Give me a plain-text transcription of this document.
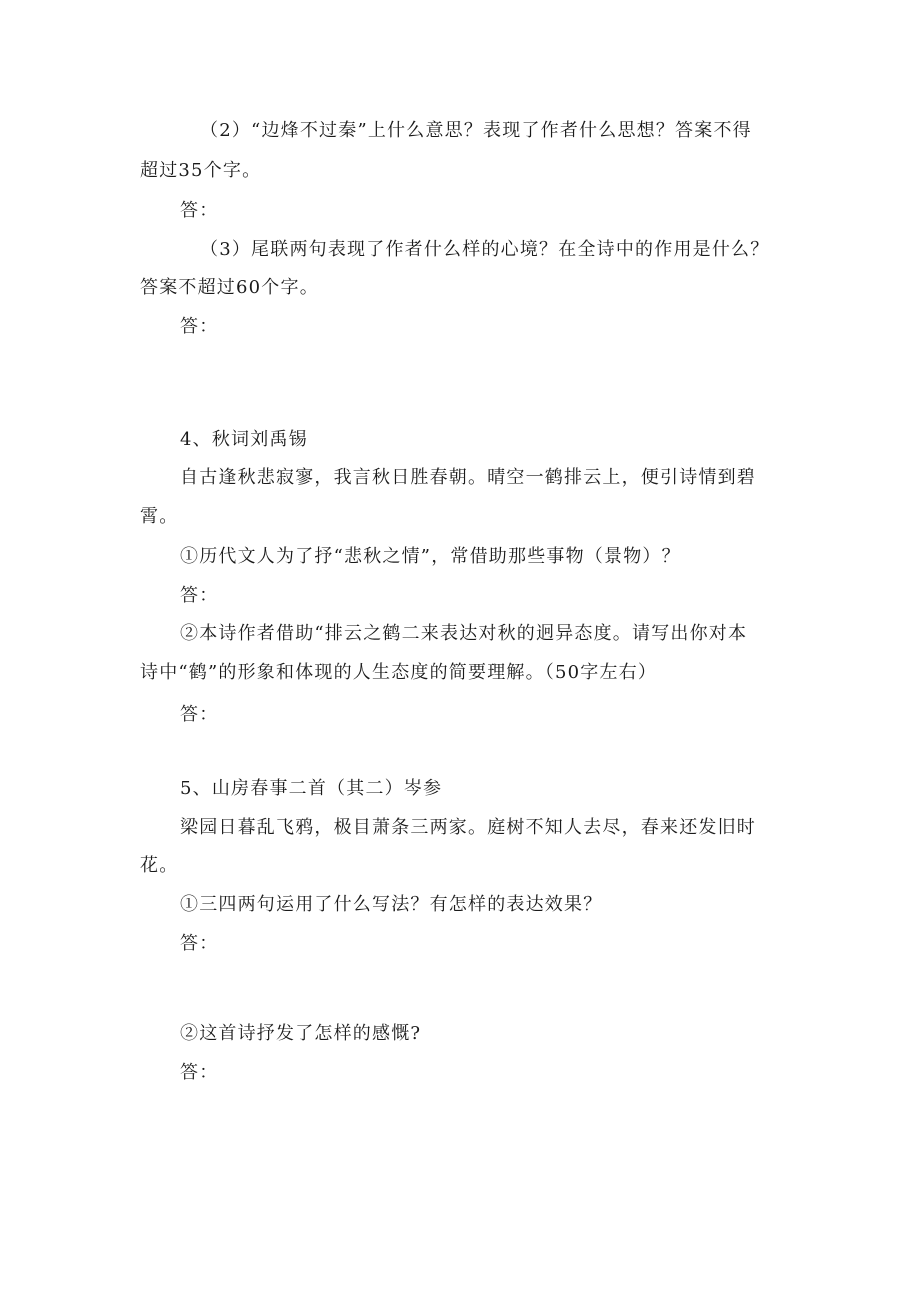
（2）“边烽不过秦”上什么意思？表现了作者什么思想？答案不得
超过35个字。
答：
（3）尾联两句表现了作者什么样的心境？在全诗中的作用是什么？
答案不超过60个字。
答：
4、秋词刘禹锡
自古逢秋悲寂寥，我言秋日胜春朝。晴空一鹤排云上，便引诗情到碧
霄。
①历代文人为了抒“悲秋之情”，常借助那些事物（景物）？
答：
②本诗作者借助“排云之鹤二来表达对秋的迥异态度。请写出你对本
诗中“鹤”的形象和体现的人生态度的简要理解。（50字左右）
答：
5、山房春事二首（其二）岑参
梁园日暮乱飞鸦，极目萧条三两家。庭树不知人去尽，春来还发旧时
花。
①三四两句运用了什么写法？有怎样的表达效果？
答：
②这首诗抒发了怎样的感慨?
答：
